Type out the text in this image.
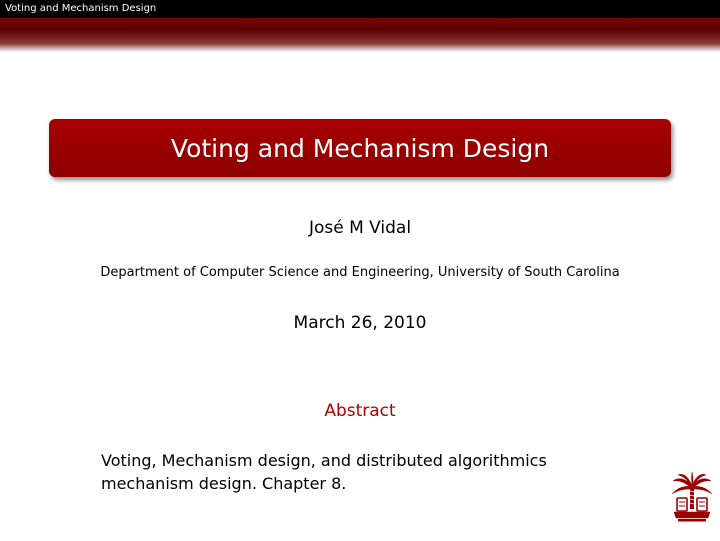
Voting and Mechanism Design
Voting and Mechanism Design
José M Vidal
Department of Computer Science and Engineering, University of South Carolina
March 26, 2010
Abstract
Voting, Mechanism design, and distributed algorithmics
mechanism design. Chapter 8.
